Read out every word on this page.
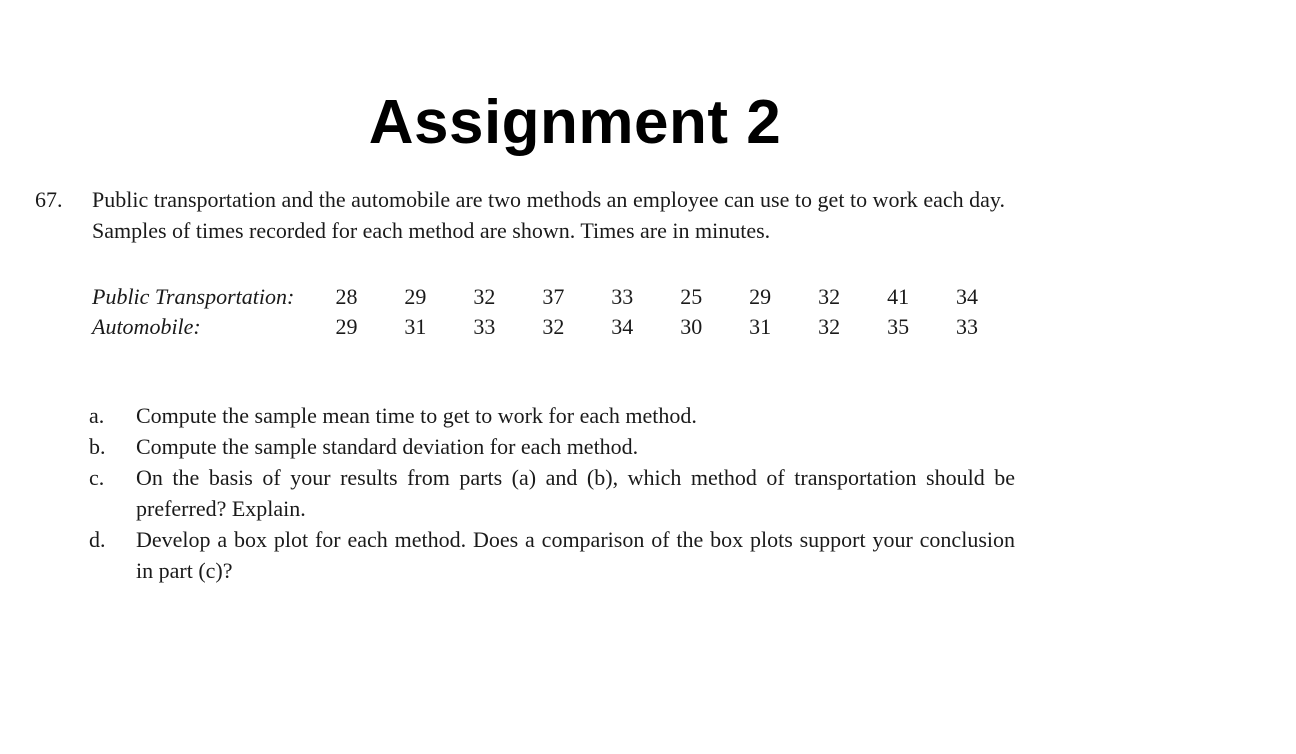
Assignment 2
67.	Public transportation and the automobile are two methods an employee can use to get to work each day. Samples of times recorded for each method are shown. Times are in minutes.
Public Transportation:	28	29	32	37	33	25	29	32	41	34
Automobile:	29	31	33	32	34	30	31	32	35	33
a.	Compute the sample mean time to get to work for each method.
b.	Compute the sample standard deviation for each method.
c.	On the basis of your results from parts (a) and (b), which method of transportation should be preferred? Explain.
d.	Develop a box plot for each method. Does a comparison of the box plots support your conclusion in part (c)?
